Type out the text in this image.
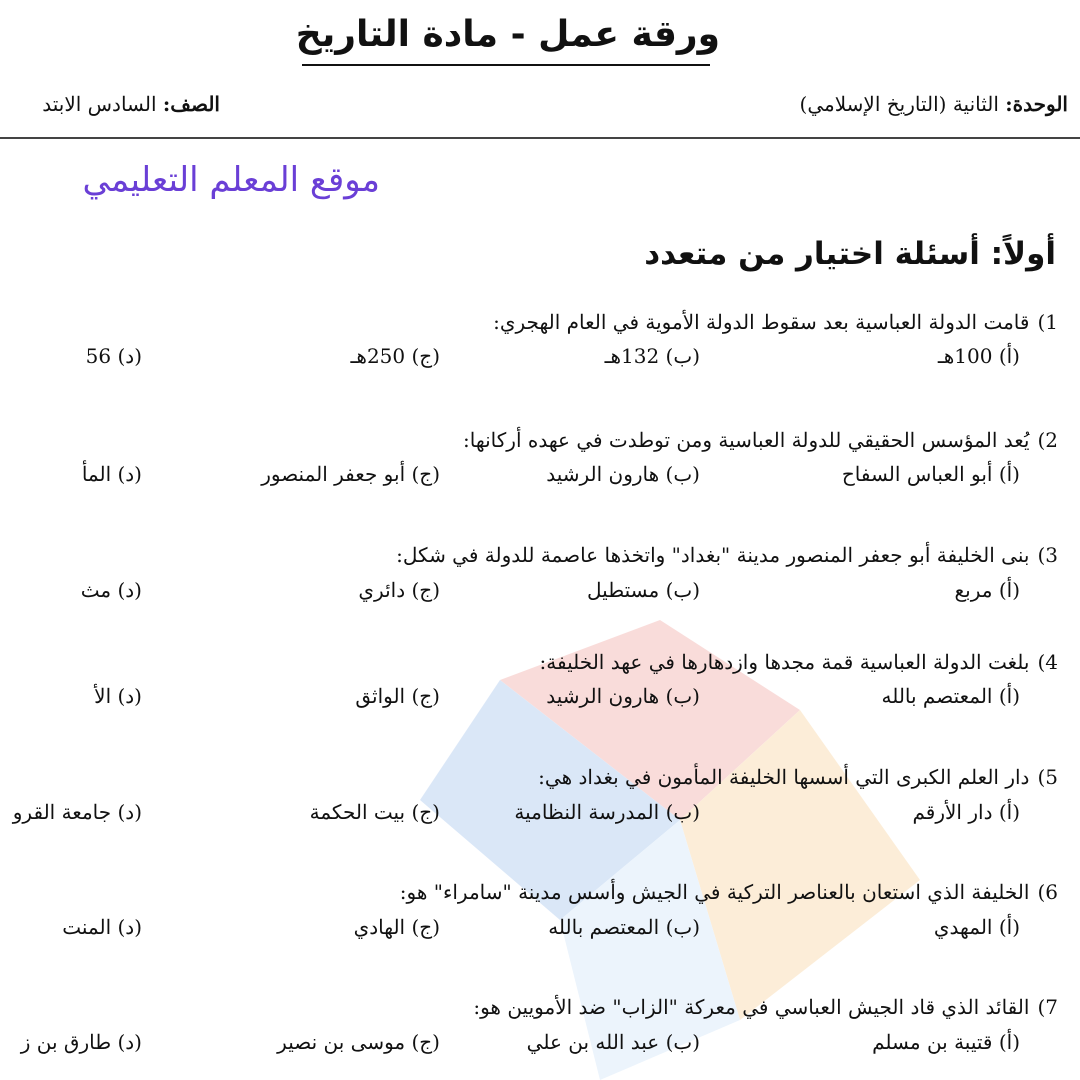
ورقة عمل - مادة التاريخ
الوحدة: الثانية (التاريخ الإسلامي)
الصف: السادس الابتد
موقع المعلم التعليمي
أولاً: أسئلة اختيار من متعدد
1)قامت الدولة العباسية بعد سقوط الدولة الأموية في العام الهجري:
(أ) 100هـ
(ب) 132هـ
(ج) 250هـ
(د) 56
2)يُعد المؤسس الحقيقي للدولة العباسية ومن توطدت في عهده أركانها:
(أ) أبو العباس السفاح
(ب) هارون الرشيد
(ج) أبو جعفر المنصور
(د) المأ
3)بنى الخليفة أبو جعفر المنصور مدينة "بغداد" واتخذها عاصمة للدولة في شكل:
(أ) مربع
(ب) مستطيل
(ج) دائري
(د) مث
4)بلغت الدولة العباسية قمة مجدها وازدهارها في عهد الخليفة:
(أ) المعتصم بالله
(ب) هارون الرشيد
(ج) الواثق
(د) الأ
5)دار العلم الكبرى التي أسسها الخليفة المأمون في بغداد هي:
(أ) دار الأرقم
(ب) المدرسة النظامية
(ج) بيت الحكمة
(د) جامعة القرو
6)الخليفة الذي استعان بالعناصر التركية في الجيش وأسس مدينة "سامراء" هو:
(أ) المهدي
(ب) المعتصم بالله
(ج) الهادي
(د) المنت
7)القائد الذي قاد الجيش العباسي في معركة "الزاب" ضد الأمويين هو:
(أ) قتيبة بن مسلم
(ب) عبد الله بن علي
(ج) موسى بن نصير
(د) طارق بن ز
